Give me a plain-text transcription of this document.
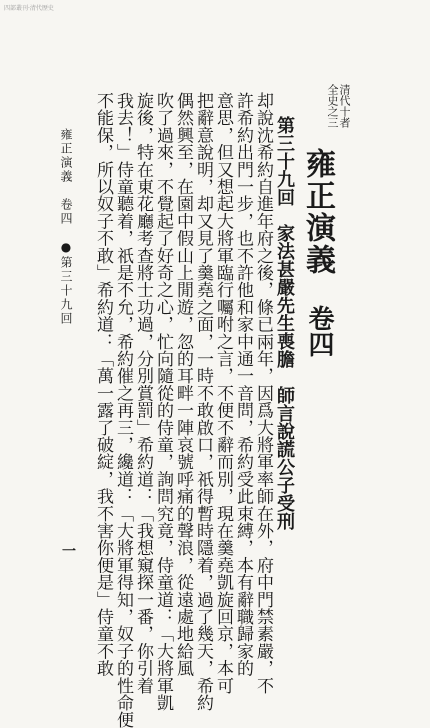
四部叢刊·清代歷史
清代十者
全史之三
雍正演義
卷四
第三十九回　家法甚嚴先生喪膽　師言說謊公子受刑
却說沈希約自進年府之後，條已兩年，因爲大將軍率師在外，府中門禁素嚴，不
許希約出門一步，也不許他和家中通一音問，希約受此束縛，本有辭職歸家的
意思，但又想起大將軍臨行囑咐之言，不便不辭而別，現在羹堯凱旋回京，本可
把辭意說明，却又見了羹堯之面，一時不敢啟口，祇得暫時隱着，過了幾天，希約
偶然興至，在園中假山上閒遊，忽的耳畔一陣哀號呼痛的聲浪，從遠處地給風
吹了過來，不覺起了好奇之心，忙向隨從的侍童，詢問究竟，侍童道：「大將軍凱
旋後，特在東花廳考查將士功過，分別賞罰」希約道：「我想窺探一番，你引着
我去！」侍童聽着，祇是不允，希約催之再三，纔道：「大將軍得知，奴子的性命便
不能保，所以奴子不敢」希約道：「萬一露了破綻，我不害你便是」侍童不敢
雍正演義　卷四　●第三十九回
一
